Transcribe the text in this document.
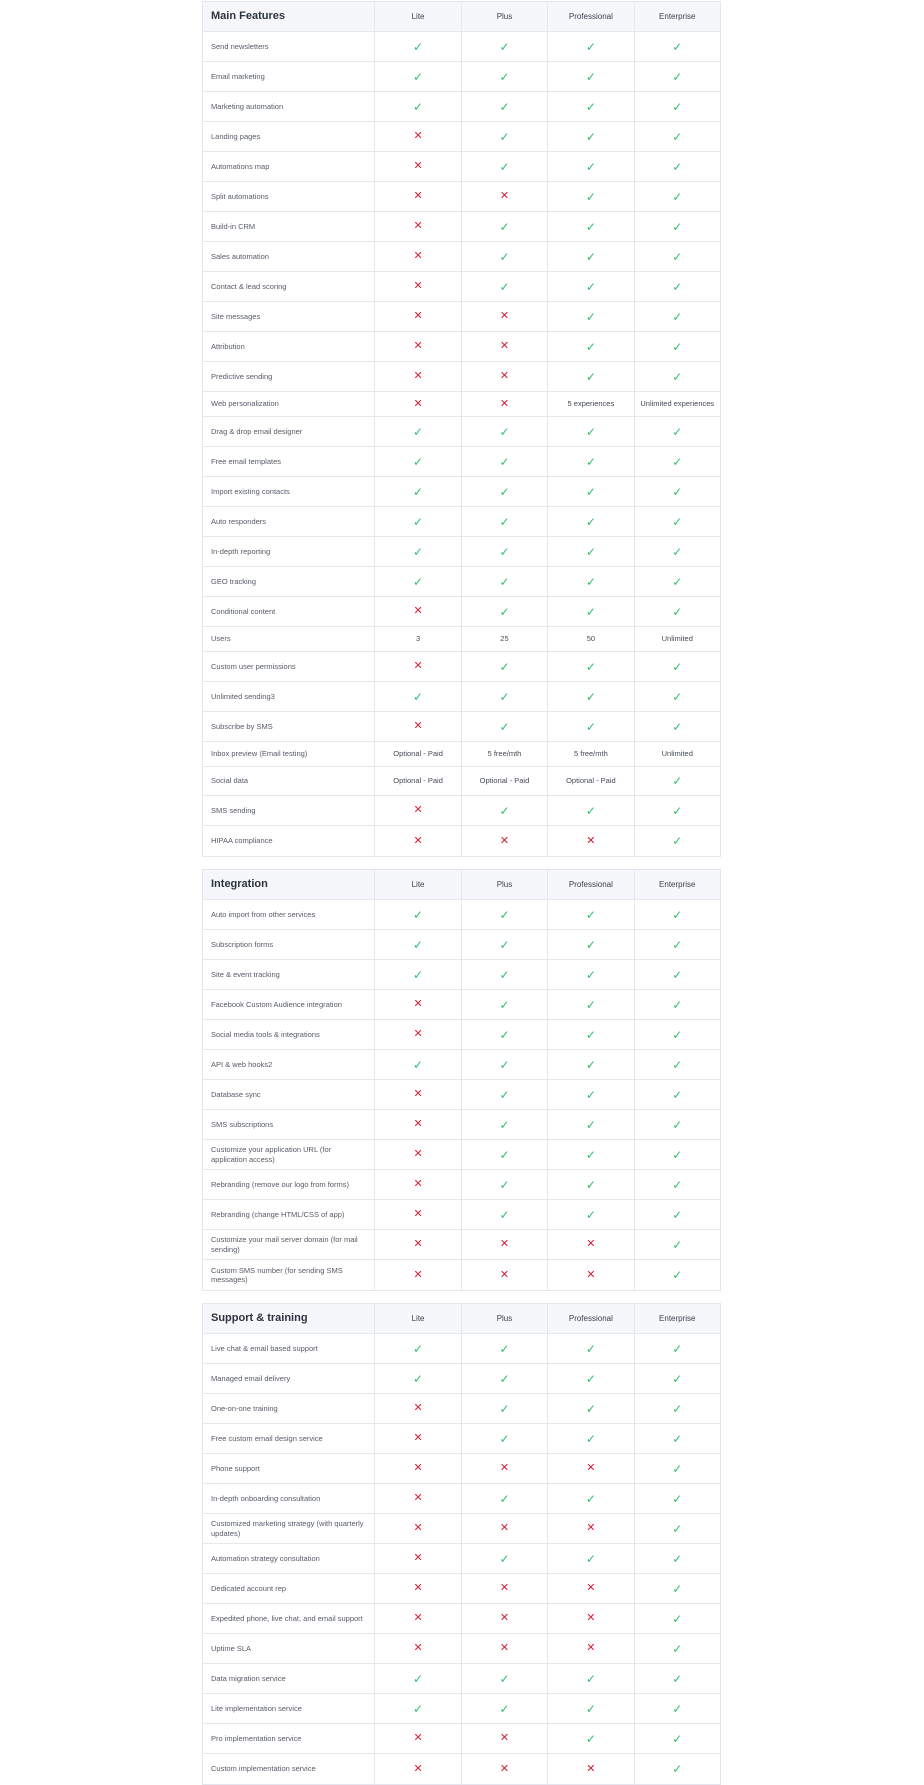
Main Features	Lite	Plus	Professional	Enterprise
Send newsletters	✓	✓	✓	✓
Email marketing	✓	✓	✓	✓
Marketing automation	✓	✓	✓	✓
Landing pages	✕	✓	✓	✓
Automations map	✕	✓	✓	✓
Split automations	✕	✕	✓	✓
Build-in CRM	✕	✓	✓	✓
Sales automation	✕	✓	✓	✓
Contact & lead scoring	✕	✓	✓	✓
Site messages	✕	✕	✓	✓
Attribution	✕	✕	✓	✓
Predictive sending	✕	✕	✓	✓
Web personalization	✕	✕	5 experiences	Unlimited experiences
Drag & drop email designer	✓	✓	✓	✓
Free email templates	✓	✓	✓	✓
Import existing contacts	✓	✓	✓	✓
Auto responders	✓	✓	✓	✓
In-depth reporting	✓	✓	✓	✓
GEO tracking	✓	✓	✓	✓
Conditional content	✕	✓	✓	✓
Users	3	25	50	Unlimited
Custom user permissions	✕	✓	✓	✓
Unlimited sending3	✓	✓	✓	✓
Subscribe by SMS	✕	✓	✓	✓
Inbox preview (Email testing)	Optional - Paid	5 free/mth	5 free/mth	Unlimited
Social data	Optional - Paid	Optional - Paid	Optional - Paid	✓
SMS sending	✕	✓	✓	✓
HIPAA compliance	✕	✕	✕	✓
Integration	Lite	Plus	Professional	Enterprise
Auto import from other services	✓	✓	✓	✓
Subscription forms	✓	✓	✓	✓
Site & event tracking	✓	✓	✓	✓
Facebook Custom Audience integration	✕	✓	✓	✓
Social media tools & integrations	✕	✓	✓	✓
API & web hooks2	✓	✓	✓	✓
Database sync	✕	✓	✓	✓
SMS subscriptions	✕	✓	✓	✓
Customize your application URL (for application access)	✕	✓	✓	✓
Rebranding (remove our logo from forms)	✕	✓	✓	✓
Rebranding (change HTML/CSS of app)	✕	✓	✓	✓
Customize your mail server domain (for mail sending)	✕	✕	✕	✓
Custom SMS number (for sending SMS messages)	✕	✕	✕	✓
Support & training	Lite	Plus	Professional	Enterprise
Live chat & email based support	✓	✓	✓	✓
Managed email delivery	✓	✓	✓	✓
One-on-one training	✕	✓	✓	✓
Free custom email design service	✕	✓	✓	✓
Phone support	✕	✕	✕	✓
In-depth onboarding consultation	✕	✓	✓	✓
Customized marketing strategy (with quarterly updates)	✕	✕	✕	✓
Automation strategy consultation	✕	✓	✓	✓
Dedicated account rep	✕	✕	✕	✓
Expedited phone, live chat, and email support	✕	✕	✕	✓
Uptime SLA	✕	✕	✕	✓
Data migration service	✓	✓	✓	✓
Lite implementation service	✓	✓	✓	✓
Pro implementation service	✕	✕	✓	✓
Custom implementation service	✕	✕	✕	✓
